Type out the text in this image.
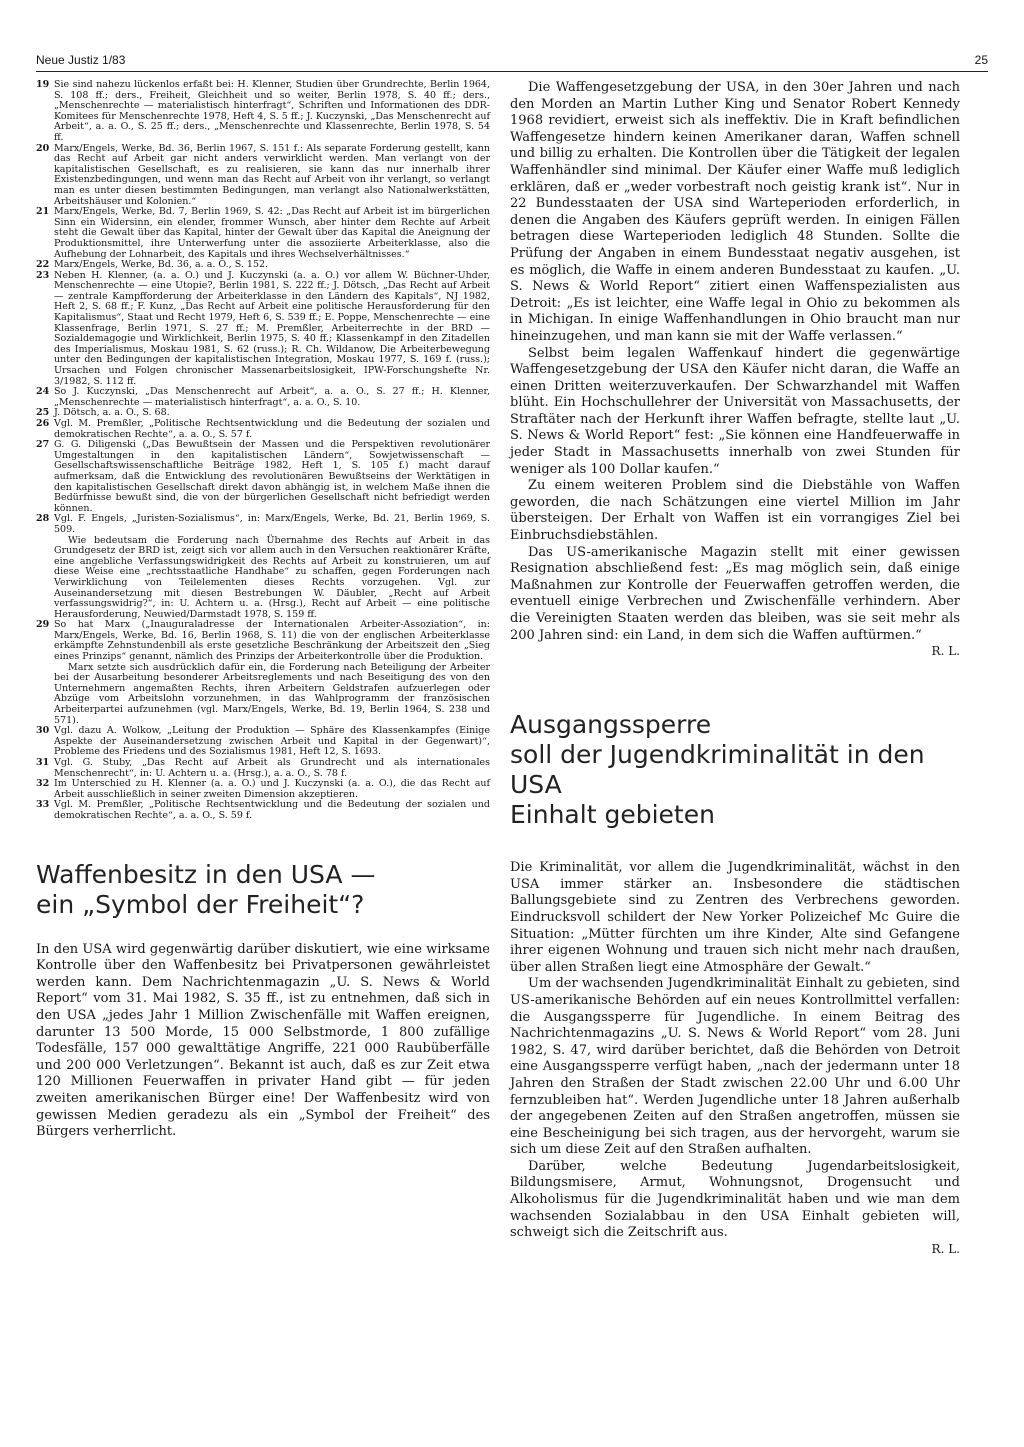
Neue Justiz 1/83	25
19 Sie sind nahezu lückenlos erfaßt bei: H. Klenner, Studien über Grundrechte, Berlin 1964, S. 108 ff.; ders., Freiheit, Gleichheit und so weiter, Berlin 1978, S. 40 ff.; ders., „Menschenrechte — materialistisch hinterfragt“, Schriften und Informationen des DDR-Komitees für Menschenrechte 1978, Heft 4, S. 5 ff.; J. Kuczynski, „Das Menschenrecht auf Arbeit“, a. a. O., S. 25 ff.; ders., „Menschenrechte und Klassenrechte, Berlin 1978, S. 54 ff.
20 Marx/Engels, Werke, Bd. 36, Berlin 1967, S. 151 f.: Als separate Forderung gestellt, kann das Recht auf Arbeit gar nicht anders verwirklicht werden. Man verlangt von der kapitalistischen Gesellschaft, es zu realisieren, sie kann das nur innerhalb ihrer Existenzbedingungen, und wenn man das Recht auf Arbeit von ihr verlangt, so verlangt man es unter diesen bestimmten Bedingungen, man verlangt also Nationalwerkstätten, Arbeitshäuser und Kolonien.“
21 Marx/Engels, Werke, Bd. 7, Berlin 1969, S. 42: „Das Recht auf Arbeit ist im bürgerlichen Sinn ein Widersinn, ein elender, frommer Wunsch, aber hinter dem Rechte auf Arbeit steht die Gewalt über das Kapital, hinter der Gewalt über das Kapital die Aneignung der Produktionsmittel, ihre Unterwerfung unter die assoziierte Arbeiterklasse, also die Aufhebung der Lohnarbeit, des Kapitals und ihres Wechselverhältnisses.“
22 Marx/Engels, Werke, Bd. 36, a. a. O., S. 152.
23 Neben H. Klenner, (a. a. O.) und J. Kuczynski (a. a. O.) vor allem W. Büchner-Uhder, Menschenrechte — eine Utopie?, Berlin 1981, S. 222 ff.; J. Dötsch, „Das Recht auf Arbeit — zentrale Kampfforderung der Arbeiterklasse in den Ländern des Kapitals“, NJ 1982, Heft 2, S. 68 ff.; F. Kunz, „Das Recht auf Arbeit eine politische Herausforderung für den Kapitalismus“, Staat und Recht 1979, Heft 6, S. 539 ff.; E. Poppe, Menschenrechte — eine Klassenfrage, Berlin 1971, S. 27 ff.; M. Premßler, Arbeiterrechte in der BRD — Sozialdemagogie und Wirklichkeit, Berlin 1975, S. 40 ff.; Klassenkampf in den Zitadellen des Imperialismus, Moskau 1981, S. 62 (russ.); R. Ch. Wildanow, Die Arbeiterbewegung unter den Bedingungen der kapitalistischen Integration, Moskau 1977, S. 169 f. (russ.); Ursachen und Folgen chronischer Massenarbeitslosigkeit, IPW-Forschungshefte Nr. 3/1982, S. 112 ff.
24 So J. Kuczynski, „Das Menschenrecht auf Arbeit“, a. a. O., S. 27 ff.; H. Klenner, „Menschenrechte — materialistisch hinterfragt“, a. a. O., S. 10.
25 J. Dötsch, a. a. O., S. 68.
26 Vgl. M. Premßler, „Politische Rechtsentwicklung und die Bedeutung der sozialen und demokratischen Rechte“, a. a. O., S. 57 f.
27 G. G. Diligenski („Das Bewußtsein der Massen und die Perspektiven revolutionärer Umgestaltungen in den kapitalistischen Ländern“, Sowjetwissenschaft — Gesellschaftswissenschaftliche Beiträge 1982, Heft 1, S. 105 f.) macht darauf aufmerksam, daß die Entwicklung des revolutionären Bewußtseins der Werktätigen in den kapitalistischen Gesellschaft direkt davon abhängig ist, in welchem Maße ihnen die Bedürfnisse bewußt sind, die von der bürgerlichen Gesellschaft nicht befriedigt werden können.
28 Vgl. F. Engels, „Juristen-Sozialismus“, in: Marx/Engels, Werke, Bd. 21, Berlin 1969, S. 509.
Wie bedeutsam die Forderung nach Übernahme des Rechts auf Arbeit in das Grundgesetz der BRD ist, zeigt sich vor allem auch in den Versuchen reaktionärer Kräfte, eine angebliche Verfassungswidrigkeit des Rechts auf Arbeit zu konstruieren, um auf diese Weise eine „rechtsstaatliche Handhabe“ zu schaffen, gegen Forderungen nach Verwirklichung von Teilelementen dieses Rechts vorzugehen. Vgl. zur Auseinandersetzung mit diesen Bestrebungen W. Däubler, „Recht auf Arbeit verfassungswidrig?“, in: U. Achtern u. a. (Hrsg.), Recht auf Arbeit — eine politische Herausforderung, Neuwied/Darmstadt 1978, S. 159 ff.
29 So hat Marx („Inauguraladresse der Internationalen Arbeiter-Assoziation“, in: Marx/Engels, Werke, Bd. 16, Berlin 1968, S. 11) die von der englischen Arbeiterklasse erkämpfte Zehnstundenbill als erste gesetzliche Beschränkung der Arbeitszeit den „Sieg eines Prinzips“ genannt, nämlich des Prinzips der Arbeiterkontrolle über die Produktion.
Marx setzte sich ausdrücklich dafür ein, die Forderung nach Beteiligung der Arbeiter bei der Ausarbeitung besonderer Arbeitsreglements und nach Beseitigung des von den Unternehmern angemaßten Rechts, ihren Arbeitern Geldstrafen aufzuerlegen oder Abzüge vom Arbeitslohn vorzunehmen, in das Wahlprogramm der französischen Arbeiterpartei aufzunehmen (vgl. Marx/Engels, Werke, Bd. 19, Berlin 1964, S. 238 und 571).
30 Vgl. dazu A. Wolkow, „Leitung der Produktion — Sphäre des Klassenkampfes (Einige Aspekte der Auseinandersetzung zwischen Arbeit und Kapital in der Gegenwart)“, Probleme des Friedens und des Sozialismus 1981, Heft 12, S. 1693.
31 Vgl. G. Stuby, „Das Recht auf Arbeit als Grundrecht und als internationales Menschenrecht“, in: U. Achtern u. a. (Hrsg.), a. a. O., S. 78 f.
32 Im Unterschied zu H. Klenner (a. a. O.) und J. Kuczynski (a. a. O.), die das Recht auf Arbeit ausschließlich in seiner zweiten Dimension akzeptieren.
33 Vgl. M. Premßler, „Politische Rechtsentwicklung und die Bedeutung der sozialen und demokratischen Rechte“, a. a. O., S. 59 f.
Waffenbesitz in den USA —
ein „Symbol der Freiheit“?

In den USA wird gegenwärtig darüber diskutiert, wie eine wirksame Kontrolle über den Waffenbesitz bei Privatpersonen gewährleistet werden kann. Dem Nachrichtenmagazin „U. S. News & World Report“ vom 31. Mai 1982, S. 35 ff., ist zu entnehmen, daß sich in den USA „jedes Jahr 1 Million Zwischenfälle mit Waffen ereignen, darunter 13 500 Morde, 15 000 Selbstmorde, 1 800 zufällige Todesfälle, 157 000 gewalttätige Angriffe, 221 000 Raubüberfälle und 200 000 Verletzungen“. Bekannt ist auch, daß es zur Zeit etwa 120 Millionen Feuerwaffen in privater Hand gibt — für jeden zweiten amerikanischen Bürger eine! Der Waffenbesitz wird von gewissen Medien geradezu als ein „Symbol der Freiheit“ des Bürgers verherrlicht.

Die Waffengesetzgebung der USA, in den 30er Jahren und nach den Morden an Martin Luther King und Senator Robert Kennedy 1968 revidiert, erweist sich als ineffektiv. Die in Kraft befindlichen Waffengesetze hindern keinen Amerikaner daran, Waffen schnell und billig zu erhalten. Die Kontrollen über die Tätigkeit der legalen Waffenhändler sind minimal. Der Käufer einer Waffe muß lediglich erklären, daß er „weder vorbestraft noch geistig krank ist“. Nur in 22 Bundesstaaten der USA sind Warteperioden erforderlich, in denen die Angaben des Käufers geprüft werden. In einigen Fällen betragen diese Warteperioden lediglich 48 Stunden. Sollte die Prüfung der Angaben in einem Bundesstaat negativ ausgehen, ist es möglich, die Waffe in einem anderen Bundesstaat zu kaufen. „U. S. News & World Report“ zitiert einen Waffenspezialisten aus Detroit: „Es ist leichter, eine Waffe legal in Ohio zu bekommen als in Michigan. In einige Waffenhandlungen in Ohio braucht man nur hineinzugehen, und man kann sie mit der Waffe verlassen.“

Selbst beim legalen Waffenkauf hindert die gegenwärtige Waffengesetzgebung der USA den Käufer nicht daran, die Waffe an einen Dritten weiterzuverkaufen. Der Schwarzhandel mit Waffen blüht. Ein Hochschullehrer der Universität von Massachusetts, der Straftäter nach der Herkunft ihrer Waffen befragte, stellte laut „U. S. News & World Report“ fest: „Sie können eine Handfeuerwaffe in jeder Stadt in Massachusetts innerhalb von zwei Stunden für weniger als 100 Dollar kaufen.“

Zu einem weiteren Problem sind die Diebstähle von Waffen geworden, die nach Schätzungen eine viertel Million im Jahr übersteigen. Der Erhalt von Waffen ist ein vorrangiges Ziel bei Einbruchsdiebstählen.

Das US-amerikanische Magazin stellt mit einer gewissen Resignation abschließend fest: „Es mag möglich sein, daß einige Maßnahmen zur Kontrolle der Feuerwaffen getroffen werden, die eventuell einige Verbrechen und Zwischenfälle verhindern. Aber die Vereinigten Staaten werden das bleiben, was sie seit mehr als 200 Jahren sind: ein Land, in dem sich die Waffen auftürmen.“

R. L.

Ausgangssperre
soll der Jugendkriminalität in den USA
Einhalt gebieten

Die Kriminalität, vor allem die Jugendkriminalität, wächst in den USA immer stärker an. Insbesondere die städtischen Ballungsgebiete sind zu Zentren des Verbrechens geworden. Eindrucksvoll schildert der New Yorker Polizeichef Mc Guire die Situation: „Mütter fürchten um ihre Kinder, Alte sind Gefangene ihrer eigenen Wohnung und trauen sich nicht mehr nach draußen, über allen Straßen liegt eine Atmosphäre der Gewalt.“

Um der wachsenden Jugendkriminalität Einhalt zu gebieten, sind US-amerikanische Behörden auf ein neues Kontrollmittel verfallen: die Ausgangssperre für Jugendliche. In einem Beitrag des Nachrichtenmagazins „U. S. News & World Report“ vom 28. Juni 1982, S. 47, wird darüber berichtet, daß die Behörden von Detroit eine Ausgangssperre verfügt haben, „nach der jedermann unter 18 Jahren den Straßen der Stadt zwischen 22.00 Uhr und 6.00 Uhr fernzubleiben hat“. Werden Jugendliche unter 18 Jahren außerhalb der angegebenen Zeiten auf den Straßen angetroffen, müssen sie eine Bescheinigung bei sich tragen, aus der hervorgeht, warum sie sich um diese Zeit auf den Straßen aufhalten.

Darüber, welche Bedeutung Jugendarbeitslosigkeit, Bildungsmisere, Armut, Wohnungsnot, Drogensucht und Alkoholismus für die Jugendkriminalität haben und wie man dem wachsenden Sozialabbau in den USA Einhalt gebieten will, schweigt sich die Zeitschrift aus.

R. L.
